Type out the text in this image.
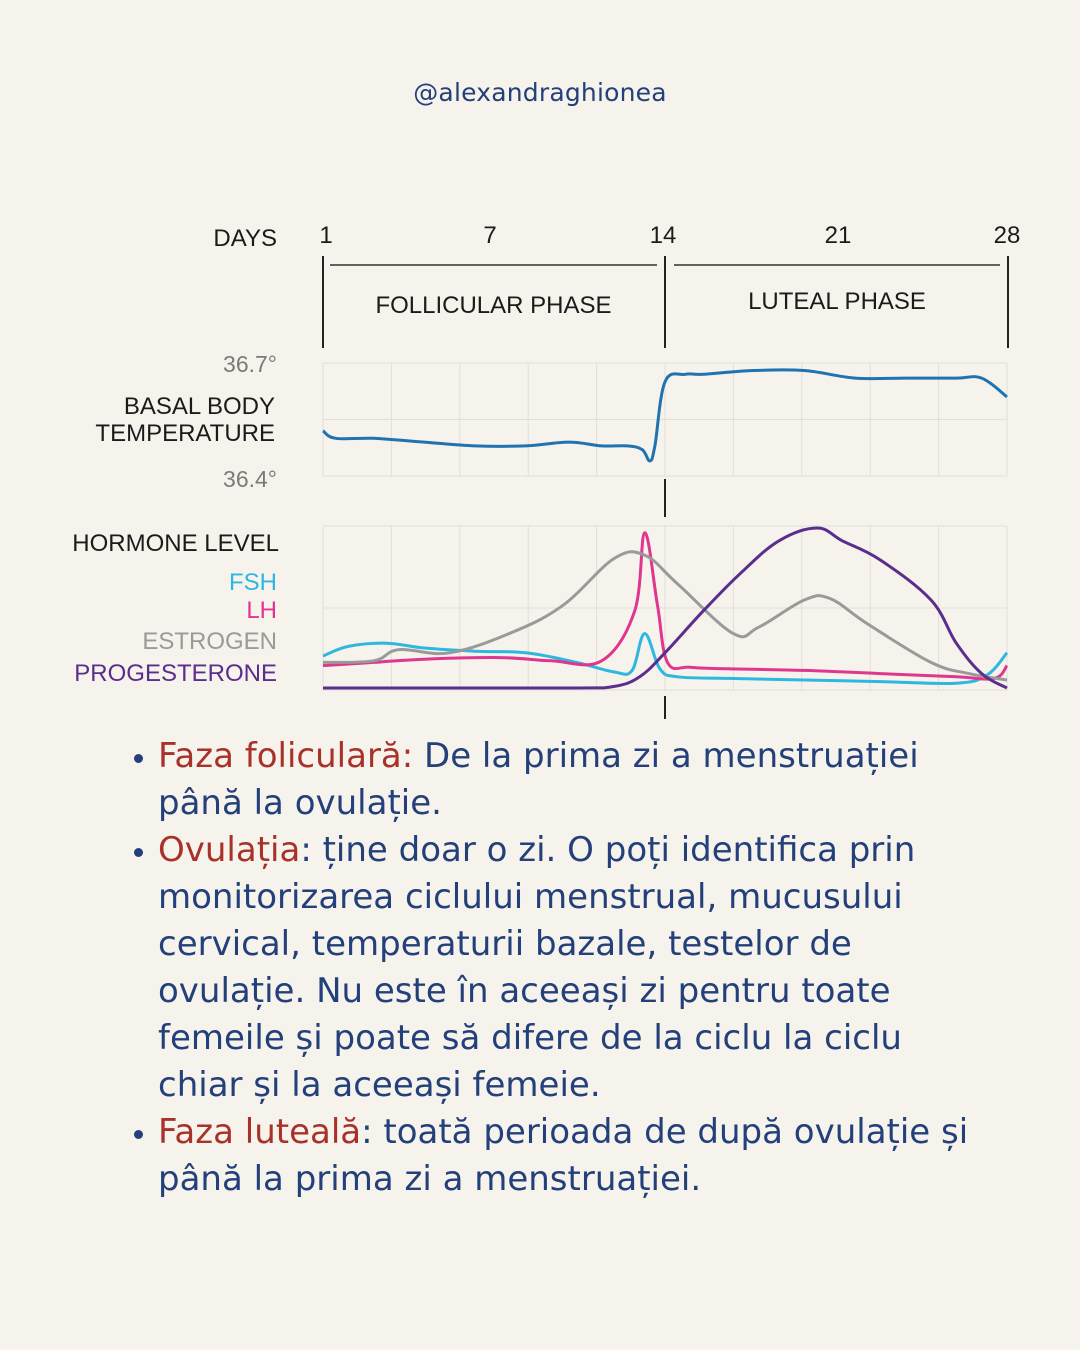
@alexandraghionea
DAYS 1	7	14	21	28
FOLLICULAR PHASE	LUTEAL PHASE
36.7°
BASAL BODY
TEMPERATURE
36.4°
HORMONE LEVEL
FSH
LH
ESTROGEN
PROGESTERONE
• Faza foliculară: De la prima zi a menstruației până la ovulație.
• Ovulația: ține doar o zi. O poți identifica prin monitorizarea ciclului menstrual, mucusului cervical, temperaturii bazale, testelor de ovulație. Nu este în aceeași zi pentru toate femeile și poate să difere de la ciclu la ciclu chiar și la aceeași femeie.
• Faza luteală: toată perioada de după ovulație și până la prima zi a menstruației.
